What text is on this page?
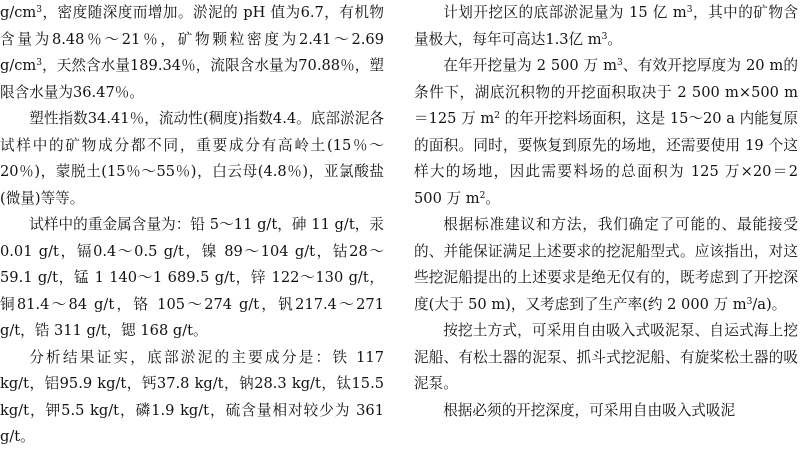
$g/cm^3$，密度随深度而增加。淤泥的 pH 值为6.7，有机物含量为8.48％～21％，矿物颗粒密度为2.41～2.69 $g/cm^3$，天然含水量189.34％，流限含水量为70.88％，塑限含水量为36.47％。

塑性指数34.41％，流动性(稠度)指数4.4。底部淤泥各试样中的矿物成分都不同，重要成分有高岭土(15％～20％)，蒙脱土(15％～55％)，白云母(4.8％)，亚氯酸盐(微量)等等。

试样中的重金属含量为：铅 5～11 g/t，砷 11 g/t，汞0.01 g/t，镉0.4～0.5 g/t，镍 89～104 g/t，钴28～59.1 g/t，锰 1 140～1 689.5 g/t，锌 122～130 g/t，铜81.4～84 g/t，铬 105～274 g/t，钒217.4～271 g/t，锆 311 g/t，锶 168 g/t。

分析结果证实，底部淤泥的主要成分是：铁 117 kg/t，铝95.9 kg/t，钙37.8 kg/t，钠28.3 kg/t，钛15.5 kg/t，钾5.5 kg/t，磷1.9 kg/t，硫含量相对较少为 361 g/t。

计划开挖区的底部淤泥量为 15 亿 $m^3$，其中的矿物含量极大，每年可高达1.3亿 $m^3$。

在年开挖量为 2 500 万 $m^3$、有效开挖厚度为 20 m的条件下，湖底沉积物的开挖面积取决于 2 500 m×500 m＝125 万 $m^2$ 的年开挖料场面积，这是 15～20 a 内能复原的面积。同时，要恢复到原先的场地，还需要使用 19 个这样大的场地，因此需要料场的总面积为 125 万×20＝2 500 万 $m^2$。

根据标准建议和方法，我们确定了可能的、最能接受的、并能保证满足上述要求的挖泥船型式。应该指出，对这些挖泥船提出的上述要求是绝无仅有的，既考虑到了开挖深度(大于 50 m)，又考虑到了生产率(约 2 000 万 $m^3/a$)。

按挖土方式，可采用自由吸入式吸泥泵、自运式海上挖泥船、有松土器的泥泵、抓斗式挖泥船、有旋桨松土器的吸泥泵。

根据必须的开挖深度，可采用自由吸入式吸泥
